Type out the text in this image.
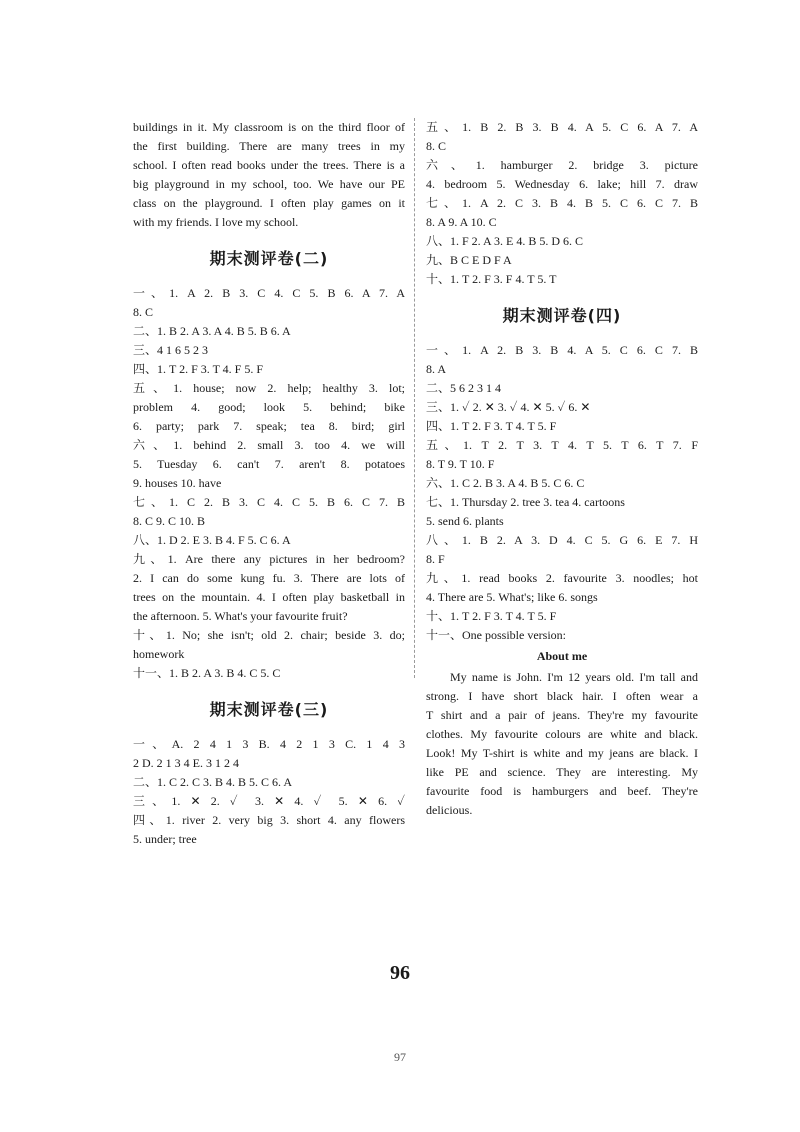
buildings in it. My classroom is on the third floor of
the first building. There are many trees in my
school. I often read books under the trees. There is a
big playground in my school, too. We have our PE
class on the playground. I often play games on it
with my friends. I love my school.
期末测评卷(二)
一、1. A 2. B 3. C 4. C 5. B 6. A 7. A
8. C
二、1. B 2. A 3. A 4. B 5. B 6. A
三、4 1 6 5 2 3
四、1. T 2. F 3. T 4. F 5. F
五、1. house; now 2. help; healthy 3. lot;
problem 4. good; look 5. behind; bike
6. party; park 7. speak; tea 8. bird; girl
六、1. behind 2. small 3. too 4. we will
5. Tuesday 6. can't 7. aren't 8. potatoes
9. houses 10. have
七、1. C 2. B 3. C 4. C 5. B 6. C 7. B
8. C 9. C 10. B
八、1. D 2. E 3. B 4. F 5. C 6. A
九、1. Are there any pictures in her bedroom?
2. I can do some kung fu. 3. There are lots of
trees on the mountain. 4. I often play basketball in
the afternoon. 5. What's your favourite fruit?
十、1. No; she isn't; old 2. chair; beside 3. do;
homework
十一、1. B 2. A 3. B 4. C 5. C
期末测评卷(三)
一、A. 2 4 1 3 B. 4 2 1 3 C. 1 4 3
2 D. 2 1 3 4 E. 3 1 2 4
二、1. C 2. C 3. B 4. B 5. C 6. A
三、1. ✕ 2. ✓ 3. ✕ 4. ✓ 5. ✕ 6. ✓
四、1. river 2. very big 3. short 4. any flowers
5. under; tree
五、1. B 2. B 3. B 4. A 5. C 6. A 7. A
8. C
六、1. hamburger 2. bridge 3. picture
4. bedroom 5. Wednesday 6. lake; hill 7. draw
七、1. A 2. C 3. B 4. B 5. C 6. C 7. B
8. A 9. A 10. C
八、1. F 2. A 3. E 4. B 5. D 6. C
九、B C E D F A
十、1. T 2. F 3. F 4. T 5. T
期末测评卷(四)
一、1. A 2. B 3. B 4. A 5. C 6. C 7. B
8. A
二、5 6 2 3 1 4
三、1. ✓ 2. ✕ 3. ✓ 4. ✕ 5. ✓ 6. ✕
四、1. T 2. F 3. T 4. T 5. F
五、1. T 2. T 3. T 4. T 5. T 6. T 7. F
8. T 9. T 10. F
六、1. C 2. B 3. A 4. B 5. C 6. C
七、1. Thursday 2. tree 3. tea 4. cartoons
5. send 6. plants
八、1. B 2. A 3. D 4. C 5. G 6. E 7. H
8. F
九、1. read books 2. favourite 3. noodles; hot
4. There are 5. What's; like 6. songs
十、1. T 2. F 3. T 4. T 5. F
十一、One possible version:
About me
My name is John. I'm 12 years old. I'm tall and
strong. I have short black hair. I often wear a
T shirt and a pair of jeans. They're my favourite
clothes. My favourite colours are white and black.
Look! My T-shirt is white and my jeans are black. I
like PE and science. They are interesting. My
favourite food is hamburgers and beef. They're
delicious.
96
97
